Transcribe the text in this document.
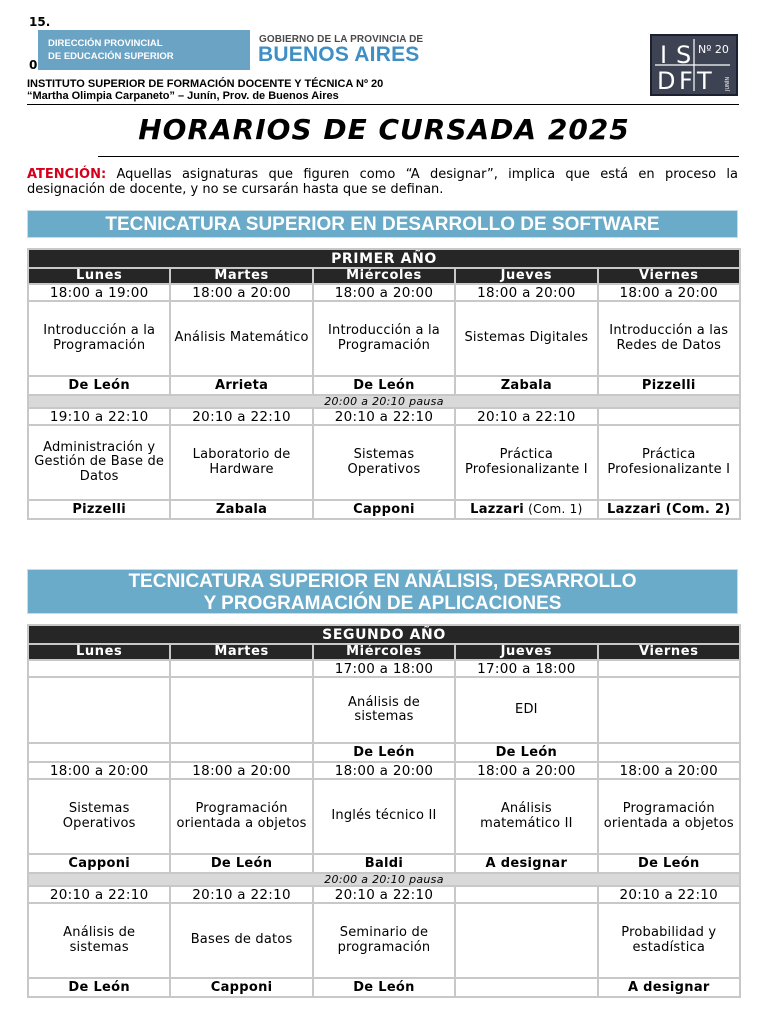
15.
0
DIRECCIÓN PROVINCIAL
DE EDUCACIÓN SUPERIOR
GOBIERNO DE LA PROVINCIA DE
BUENOS AIRES	I S
D T
F
Nº 20
JUNÍN
INSTITUTO SUPERIOR DE FORMACIÓN DOCENTE Y TÉCNICA Nº 20
“Martha Olimpia Carpaneto” – Junín, Prov. de Buenos Aires
HORARIOS DE CURSADA 2025
ATENCIÓN: Aquellas asignaturas que figuren como “A designar”, implica que está en proceso la designación de docente, y no se cursarán hasta que se definan.
TECNICATURA SUPERIOR EN DESARROLLO DE SOFTWARE
PRIMER AÑO				
Lunes	Martes	Miércoles	Jueves	Viernes
18:00 a 19:00	18:00 a 20:00	18:00 a 20:00	18:00 a 20:00	18:00 a 20:00
Introducción a la Programación	Análisis Matemático	Introducción a la Programación	Sistemas Digitales	Introducción a las Redes de Datos
De León	Arrieta	De León	Zabala	Pizzelli
20:00 a 20:10 pausa				
19:10 a 22:10	20:10 a 22:10	20:10 a 22:10	20:10 a 22:10	
Administración y Gestión de Base de Datos	Laboratorio de Hardware	Sistemas Operativos	Práctica Profesionalizante I	Práctica Profesionalizante I
Pizzelli	Zabala	Capponi	Lazzari (Com. 1)	Lazzari (Com. 2)
TECNICATURA SUPERIOR EN ANÁLISIS, DESARROLLO
Y PROGRAMACIÓN DE APLICACIONES
SEGUNDO AÑO				
Lunes	Martes	Miércoles	Jueves	Viernes
		17:00 a 18:00	17:00 a 18:00	
		Análisis de sistemas	EDI	
		De León	De León	
18:00 a 20:00	18:00 a 20:00	18:00 a 20:00	18:00 a 20:00	18:00 a 20:00
Sistemas Operativos	Programación orientada a objetos	Inglés técnico II	Análisis matemático II	Programación orientada a objetos
Capponi	De León	Baldi	A designar	De León
20:00 a 20:10 pausa				
20:10 a 22:10	20:10 a 22:10	20:10 a 22:10		20:10 a 22:10
Análisis de sistemas	Bases de datos	Seminario de programación		Probabilidad y estadística
De León	Capponi	De León		A designar
